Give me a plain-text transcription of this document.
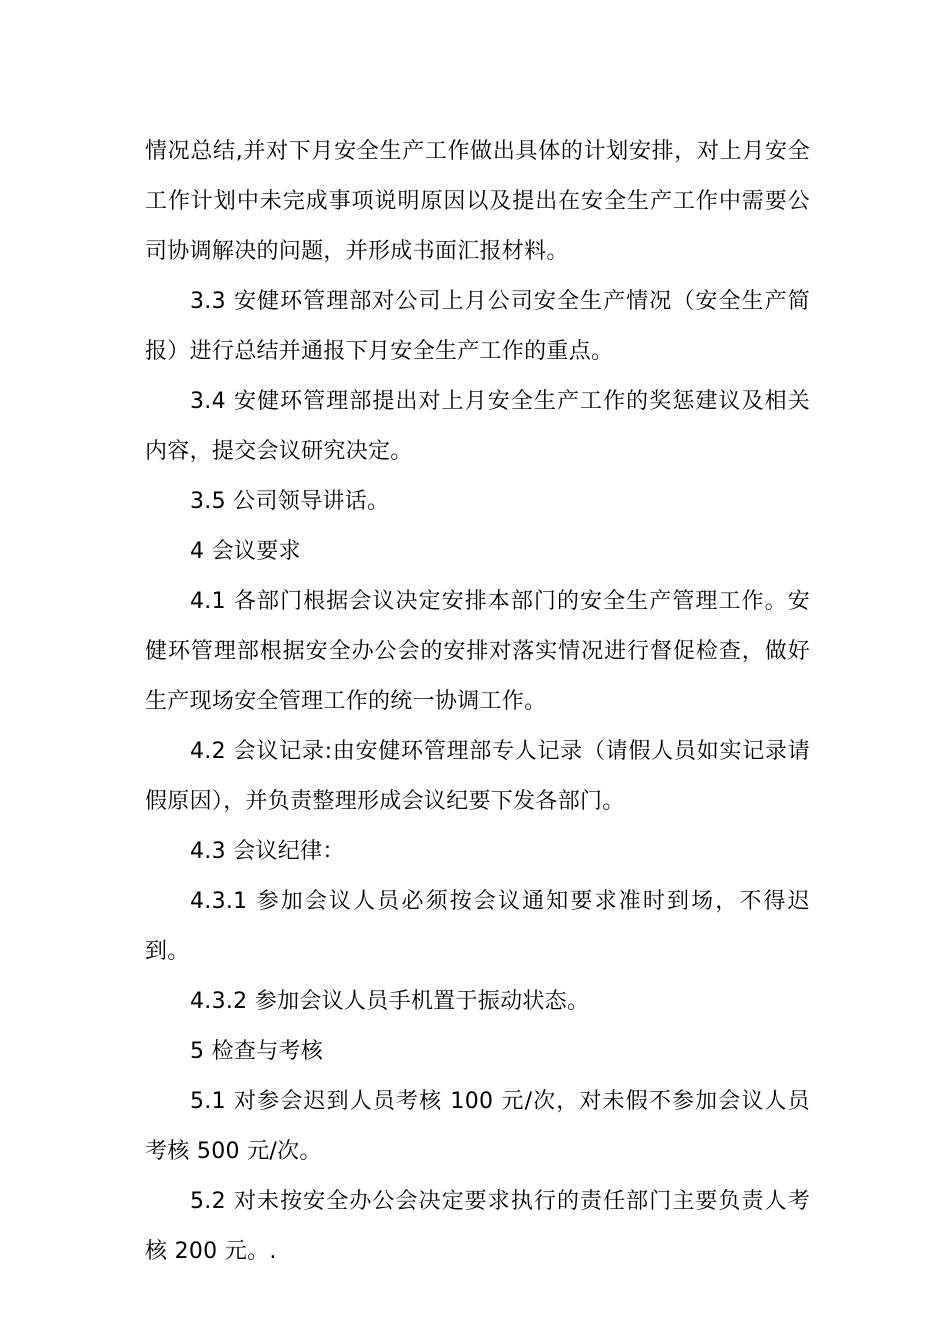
情况总结,并对下月安全生产工作做出具体的计划安排，对上月安全工作计划中未完成事项说明原因以及提出在安全生产工作中需要公司协调解决的问题，并形成书面汇报材料。

3.3 安健环管理部对公司上月公司安全生产情况（安全生产简报）进行总结并通报下月安全生产工作的重点。

3.4 安健环管理部提出对上月安全生产工作的奖惩建议及相关内容，提交会议研究决定。

3.5 公司领导讲话。

4 会议要求

4.1 各部门根据会议决定安排本部门的安全生产管理工作。安健环管理部根据安全办公会的安排对落实情况进行督促检查，做好生产现场安全管理工作的统一协调工作。

4.2 会议记录:由安健环管理部专人记录（请假人员如实记录请假原因），并负责整理形成会议纪要下发各部门。

4.3 会议纪律：

4.3.1 参加会议人员必须按会议通知要求准时到场，不得迟到。

4.3.2 参加会议人员手机置于振动状态。

5 检查与考核

5.1 对参会迟到人员考核 100 元/次，对未假不参加会议人员考核 500 元/次。

5.2 对未按安全办公会决定要求执行的责任部门主要负责人考核 200 元。.
